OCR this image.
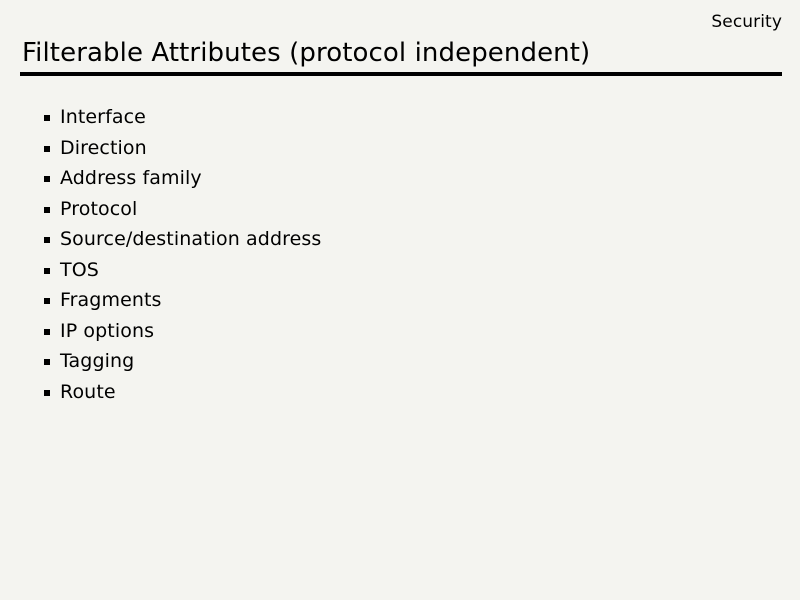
Security
Filterable Attributes (protocol independent)
Interface
Direction
Address family
Protocol
Source/destination address
TOS
Fragments
IP options
Tagging
Route
